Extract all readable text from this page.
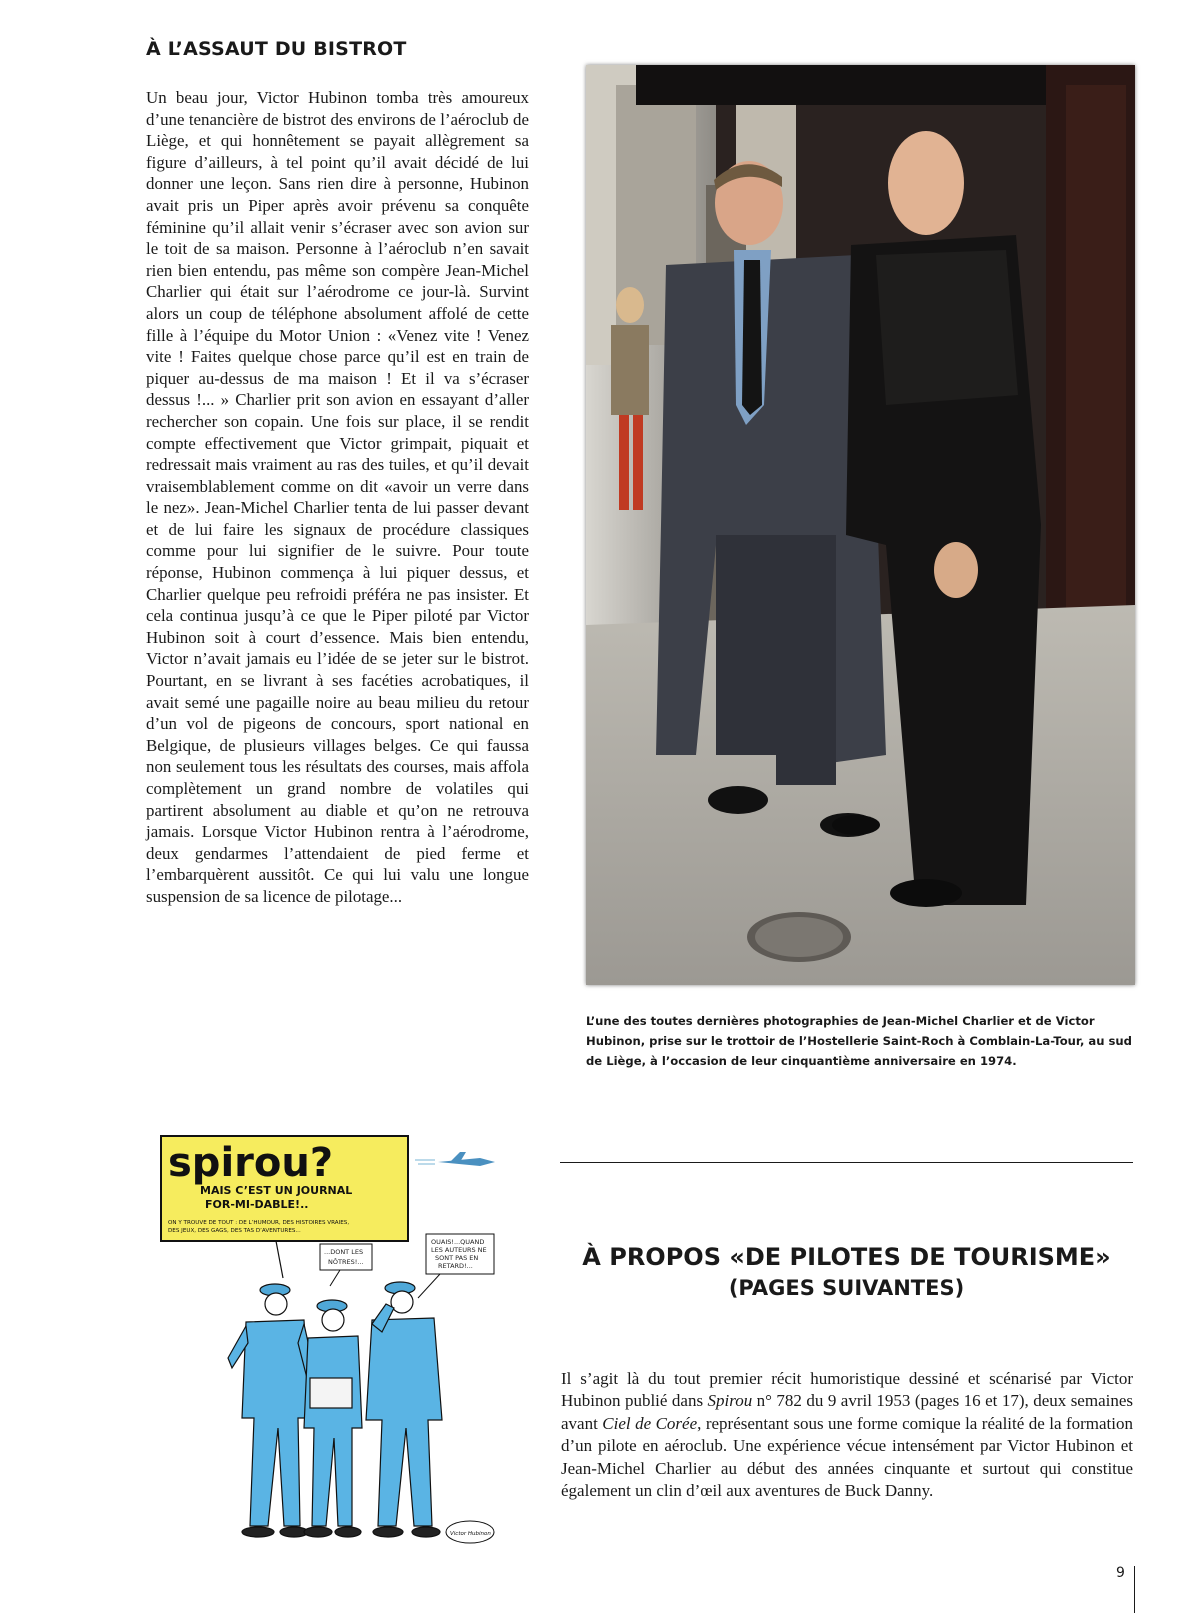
À L’ASSAUT DU BISTROT

Un beau jour, Victor Hubinon tomba très amoureux d’une tenancière de bistrot des environs de l’aéroclub de Liège, et qui honnêtement se payait allègrement sa figure d’ailleurs, à tel point qu’il avait décidé de lui donner une leçon. Sans rien dire à personne, Hubinon avait pris un Piper après avoir prévenu sa conquête féminine qu’il allait venir s’écraser avec son avion sur le toit de sa maison. Personne à l’aéroclub n’en savait rien bien entendu, pas même son compère Jean-Michel Charlier qui était sur l’aérodrome ce jour-là. Survint alors un coup de téléphone absolument affolé de cette fille à l’équipe du Motor Union : «Venez vite ! Venez vite ! Faites quelque chose parce qu’il est en train de piquer au-dessus de ma maison ! Et il va s’écraser dessus !... » Charlier prit son avion en essayant d’aller rechercher son copain. Une fois sur place, il se rendit compte effectivement que Victor grimpait, piquait et redressait mais vraiment au ras des tuiles, et qu’il devait vraisemblablement comme on dit «avoir un verre dans le nez». Jean-Michel Charlier tenta de lui passer devant et de lui faire les signaux de procédure classiques comme pour lui signifier de le suivre. Pour toute réponse, Hubinon commença à lui piquer dessus, et Charlier quelque peu refroidi préféra ne pas insister. Et cela continua jusqu’à ce que le Piper piloté par Victor Hubinon soit à court d’essence. Mais bien entendu, Victor n’avait jamais eu l’idée de se jeter sur le bistrot. Pourtant, en se livrant à ses facéties acrobatiques, il avait semé une pagaille noire au beau milieu du retour d’un vol de pigeons de concours, sport national en Belgique, de plusieurs villages belges. Ce qui faussa non seulement tous les résultats des courses, mais affola complètement un grand nombre de volatiles qui partirent absolument au diable et qu’on ne retrouva jamais. Lorsque Victor Hubinon rentra à l’aérodrome, deux gendarmes l’attendaient de pied ferme et l’embarquèrent aussitôt. Ce qui lui valu une longue suspension de sa licence de pilotage...

L’une des toutes dernières photographies de Jean-Michel Charlier et de Victor Hubinon, prise sur le trottoir de l’Hostellerie Saint-Roch à Comblain-La-Tour, au sud de Liège, à l’occasion de leur cinquantième anniversaire en 1974.
spirou?
MAIS C’EST UN JOURNAL
FOR-MI-DABLE!..
ON Y TROUVE DE TOUT : DE L’HUMOUR, DES HISTOIRES VRAIES,
DES JEUX, DES GAGS, DES TAS D’AVENTURES...
...DONT LES
NÔTRES!...
OUAIS!...QUAND
LES AUTEURS NE
SONT PAS EN
RETARD!...
Victor Hubinon
À PROPOS «DE PILOTES DE TOURISME»
(PAGES SUIVANTES)

Il s’agit là du tout premier récit humoristique dessiné et scénarisé par Victor Hubinon publié dans Spirou n° 782 du 9 avril 1953 (pages 16 et 17), deux semaines avant Ciel de Corée, représentant sous une forme comique la réalité de la formation d’un pilote en aéroclub. Une expérience vécue intensément par Victor Hubinon et Jean-Michel Charlier au début des années cinquante et surtout qui constitue également un clin d’œil aux aventures de Buck Danny.

9
